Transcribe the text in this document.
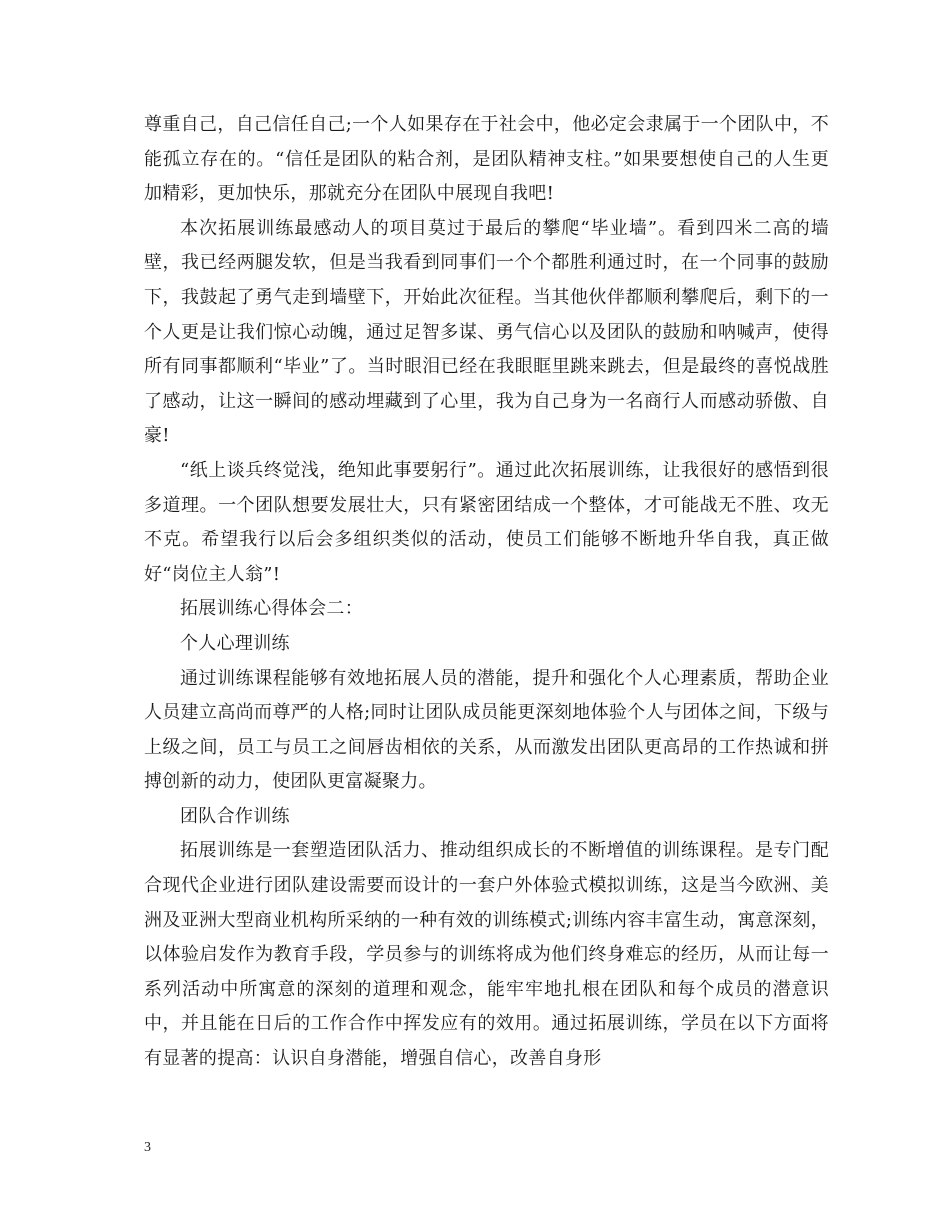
尊重自己，自己信任自己;一个人如果存在于社会中，他必定会隶属于一个团队中，不能孤立存在的。“信任是团队的粘合剂，是团队精神支柱。”如果要想使自己的人生更加精彩，更加快乐，那就充分在团队中展现自我吧!

本次拓展训练最感动人的项目莫过于最后的攀爬“毕业墙”。看到四米二高的墙壁，我已经两腿发软，但是当我看到同事们一个个都胜利通过时，在一个同事的鼓励下，我鼓起了勇气走到墙壁下，开始此次征程。当其他伙伴都顺利攀爬后，剩下的一个人更是让我们惊心动魄，通过足智多谋、勇气信心以及团队的鼓励和呐喊声，使得所有同事都顺利“毕业”了。当时眼泪已经在我眼眶里跳来跳去，但是最终的喜悦战胜了感动，让这一瞬间的感动埋藏到了心里，我为自己身为一名商行人而感动骄傲、自豪!

“纸上谈兵终觉浅，绝知此事要躬行”。通过此次拓展训练，让我很好的感悟到很多道理。一个团队想要发展壮大，只有紧密团结成一个整体，才可能战无不胜、攻无不克。希望我行以后会多组织类似的活动，使员工们能够不断地升华自我，真正做好“岗位主人翁”!

拓展训练心得体会二：

个人心理训练

通过训练课程能够有效地拓展人员的潜能，提升和强化个人心理素质，帮助企业人员建立高尚而尊严的人格;同时让团队成员能更深刻地体验个人与团体之间，下级与上级之间，员工与员工之间唇齿相依的关系，从而激发出团队更高昂的工作热诚和拼搏创新的动力，使团队更富凝聚力。

团队合作训练

拓展训练是一套塑造团队活力、推动组织成长的不断增值的训练课程。是专门配合现代企业进行团队建设需要而设计的一套户外体验式模拟训练，这是当今欧洲、美洲及亚洲大型商业机构所采纳的一种有效的训练模式;训练内容丰富生动，寓意深刻，以体验启发作为教育手段，学员参与的训练将成为他们终身难忘的经历，从而让每一系列活动中所寓意的深刻的道理和观念，能牢牢地扎根在团队和每个成员的潜意识中，并且能在日后的工作合作中挥发应有的效用。通过拓展训练，学员在以下方面将有显著的提高：认识自身潜能，增强自信心，改善自身形

3
